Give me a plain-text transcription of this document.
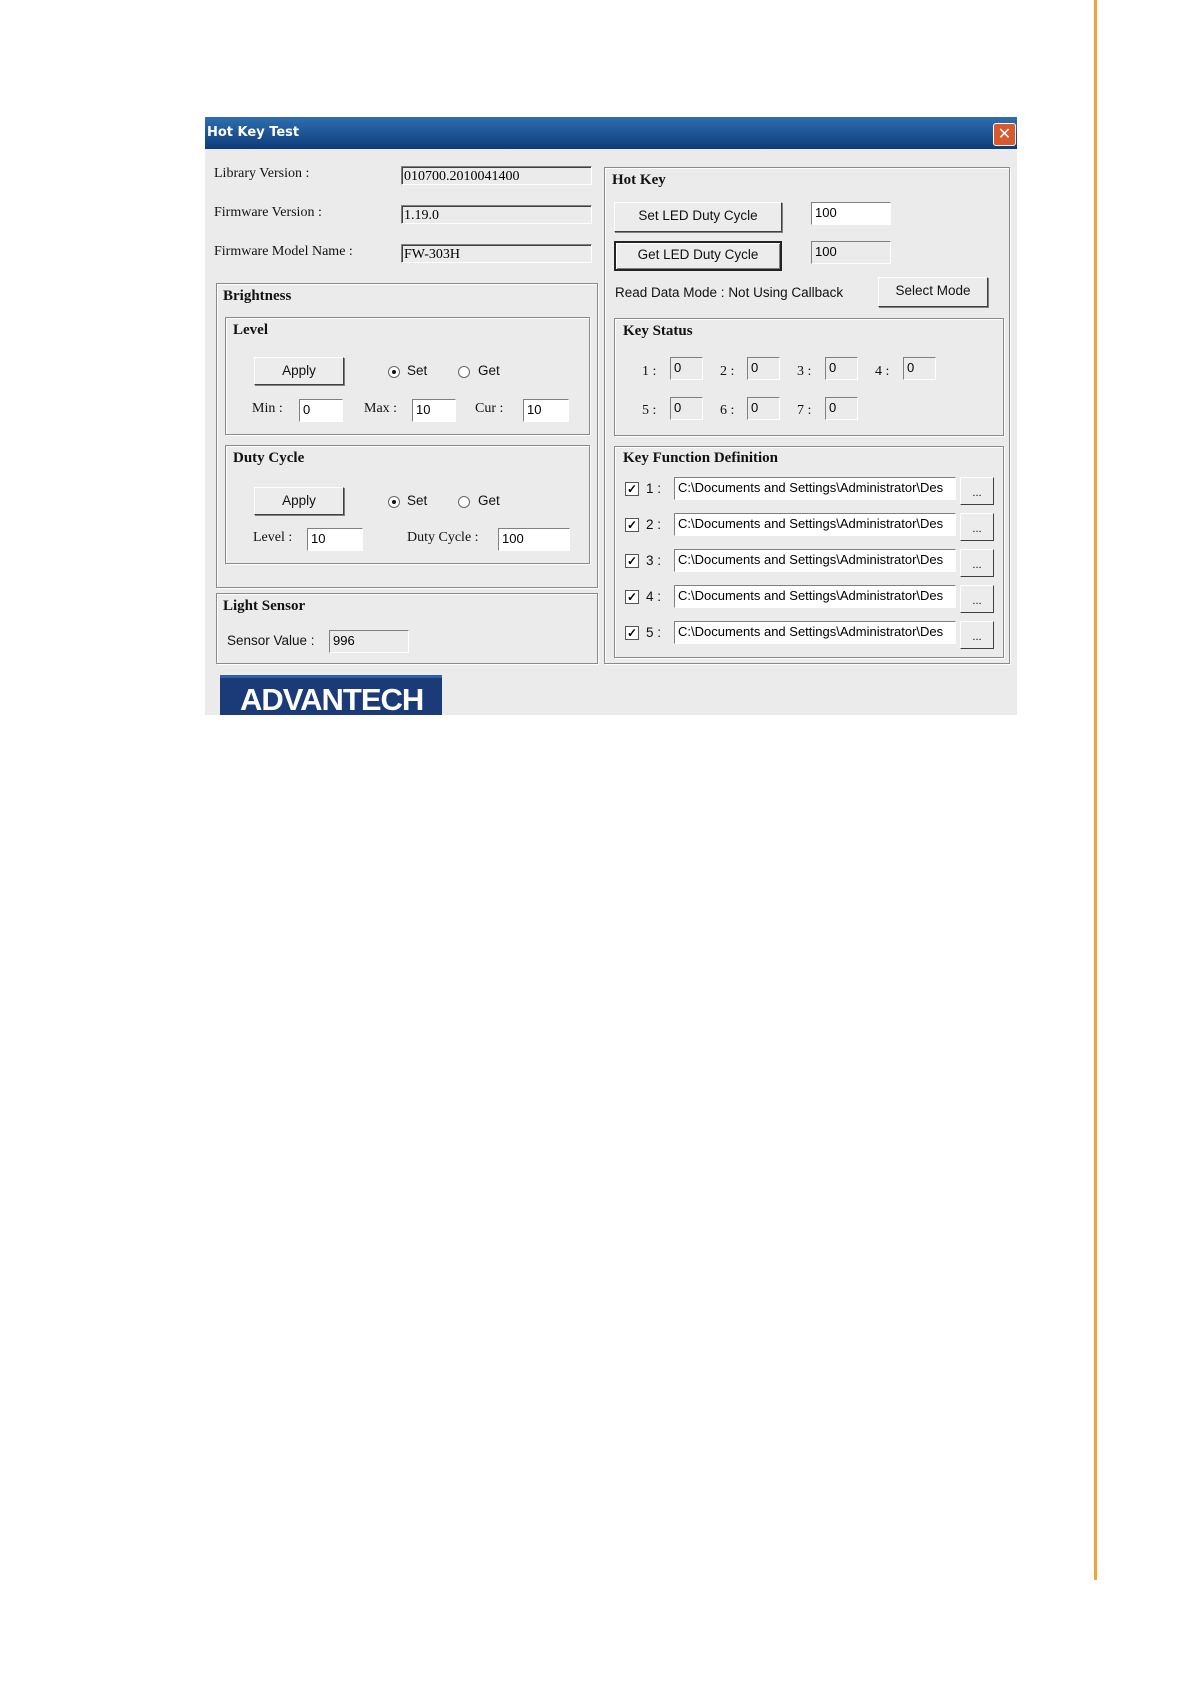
Hot Key Test	✕
Library Version :	010700.2010041400
Firmware Version :	1.19.0
Firmware Model Name :	FW-303H
Brightness
Level
Apply	Set	Get
Min :	0	Max :	10	Cur :	10
Duty Cycle
Apply	Set	Get
Level :	10	Duty Cycle :	100
Light Sensor
Sensor Value :	996
Hot Key
Set LED Duty Cycle	100
Get LED Duty Cycle	100
Read Data Mode : Not Using Callback	Select Mode
Key Status
1 :	0	2 :	0	3 :	0	4 :	0
5 :	0	6 :	0	7 :	0
Key Function Definition
✓ 1 :	C:\Documents and Settings\Administrator\Des	...
✓ 2 :	C:\Documents and Settings\Administrator\Des	...
✓ 3 :	C:\Documents and Settings\Administrator\Des	...
✓ 4 :	C:\Documents and Settings\Administrator\Des	...
✓ 5 :	C:\Documents and Settings\Administrator\Des	...
ADVANTECH
